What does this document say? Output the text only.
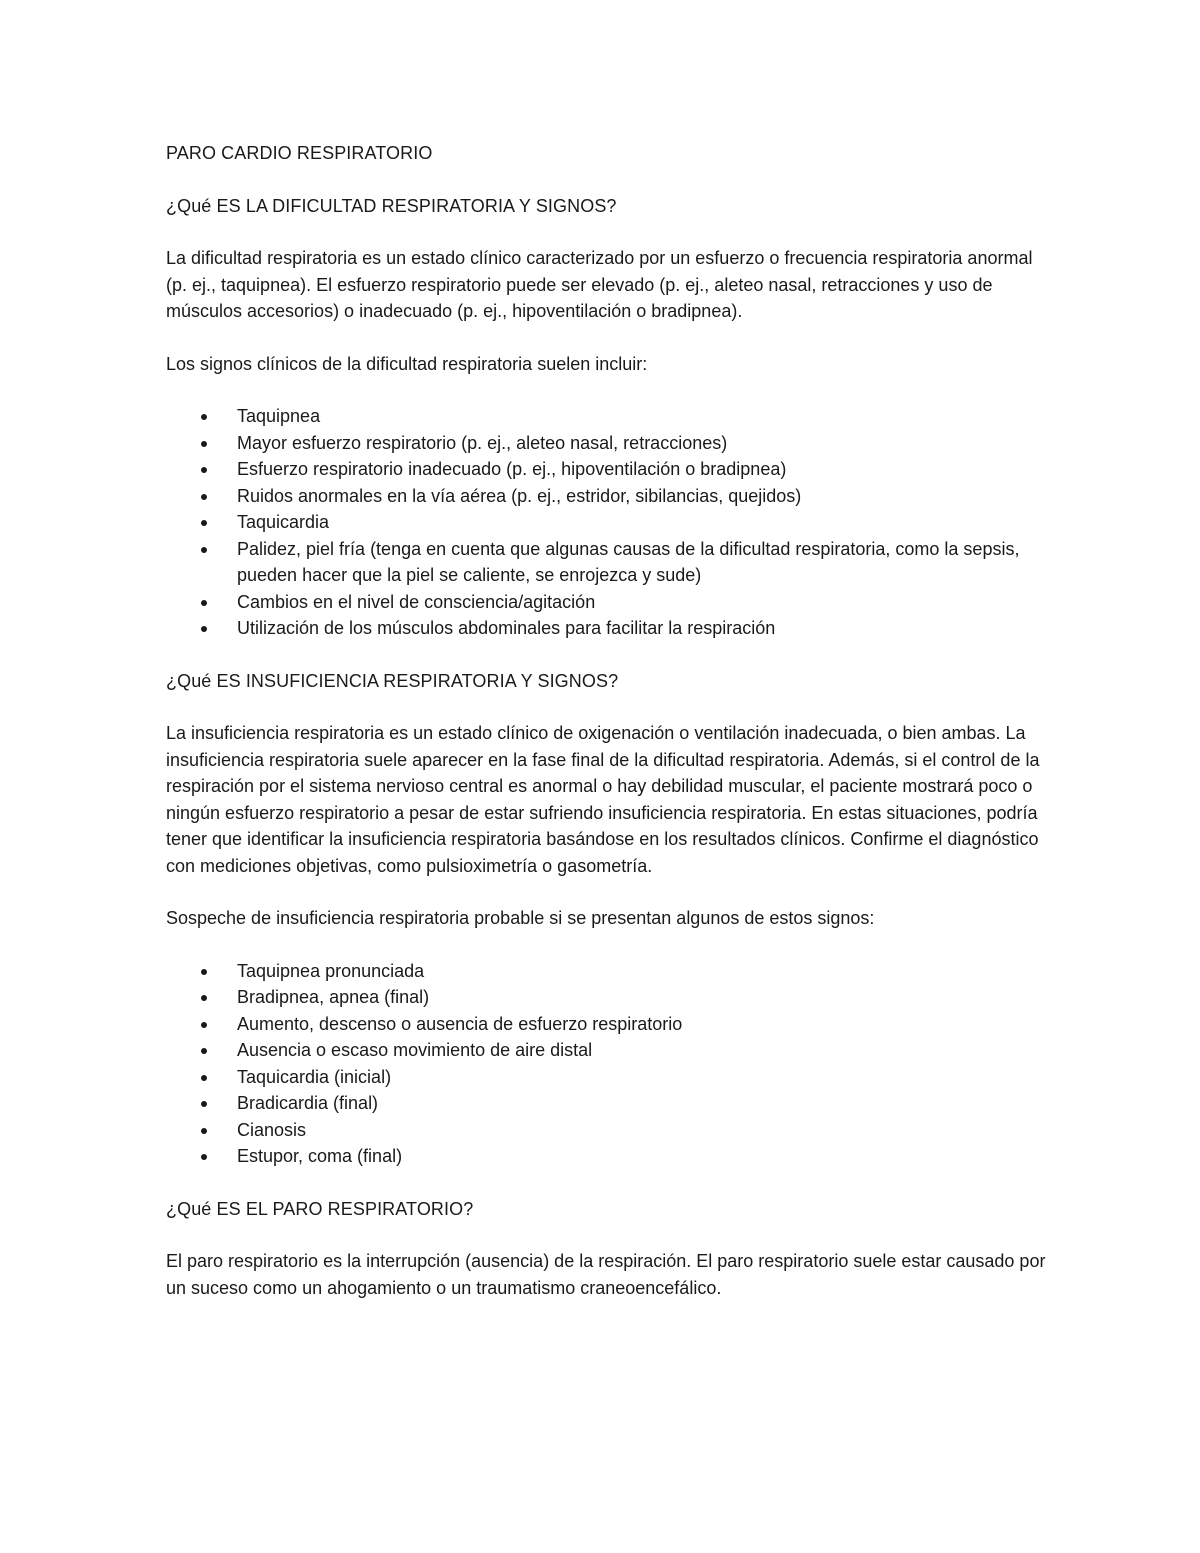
PARO CARDIO RESPIRATORIO
¿Qué ES LA DIFICULTAD RESPIRATORIA Y SIGNOS?

La dificultad respiratoria es un estado clínico caracterizado por un esfuerzo o frecuencia respiratoria anormal (p. ej., taquipnea). El esfuerzo respiratorio puede ser elevado (p. ej., aleteo nasal, retracciones y uso de músculos accesorios) o inadecuado (p. ej., hipoventilación o bradipnea).

Los signos clínicos de la dificultad respiratoria suelen incluir:

Taquipnea
Mayor esfuerzo respiratorio (p. ej., aleteo nasal, retracciones)
Esfuerzo respiratorio inadecuado (p. ej., hipoventilación o bradipnea)
Ruidos anormales en la vía aérea (p. ej., estridor, sibilancias, quejidos)
Taquicardia
Palidez, piel fría (tenga en cuenta que algunas causas de la dificultad respiratoria, como la sepsis, pueden hacer que la piel se caliente, se enrojezca y sude)
Cambios en el nivel de consciencia/agitación
Utilización de los músculos abdominales para facilitar la respiración
¿Qué ES INSUFICIENCIA RESPIRATORIA Y SIGNOS?

La insuficiencia respiratoria es un estado clínico de oxigenación o ventilación inadecuada, o bien ambas. La insuficiencia respiratoria suele aparecer en la fase final de la dificultad respiratoria. Además, si el control de la respiración por el sistema nervioso central es anormal o hay debilidad muscular, el paciente mostrará poco o ningún esfuerzo respiratorio a pesar de estar sufriendo insuficiencia respiratoria. En estas situaciones, podría tener que identificar la insuficiencia respiratoria basándose en los resultados clínicos. Confirme el diagnóstico con mediciones objetivas, como pulsioximetría o gasometría.

Sospeche de insuficiencia respiratoria probable si se presentan algunos de estos signos:

Taquipnea pronunciada
Bradipnea, apnea (final)
Aumento, descenso o ausencia de esfuerzo respiratorio
Ausencia o escaso movimiento de aire distal
Taquicardia (inicial)
Bradicardia (final)
Cianosis
Estupor, coma (final)
¿Qué ES EL PARO RESPIRATORIO?

El paro respiratorio es la interrupción (ausencia) de la respiración. El paro respiratorio suele estar causado por un suceso como un ahogamiento o un traumatismo craneoencefálico.
